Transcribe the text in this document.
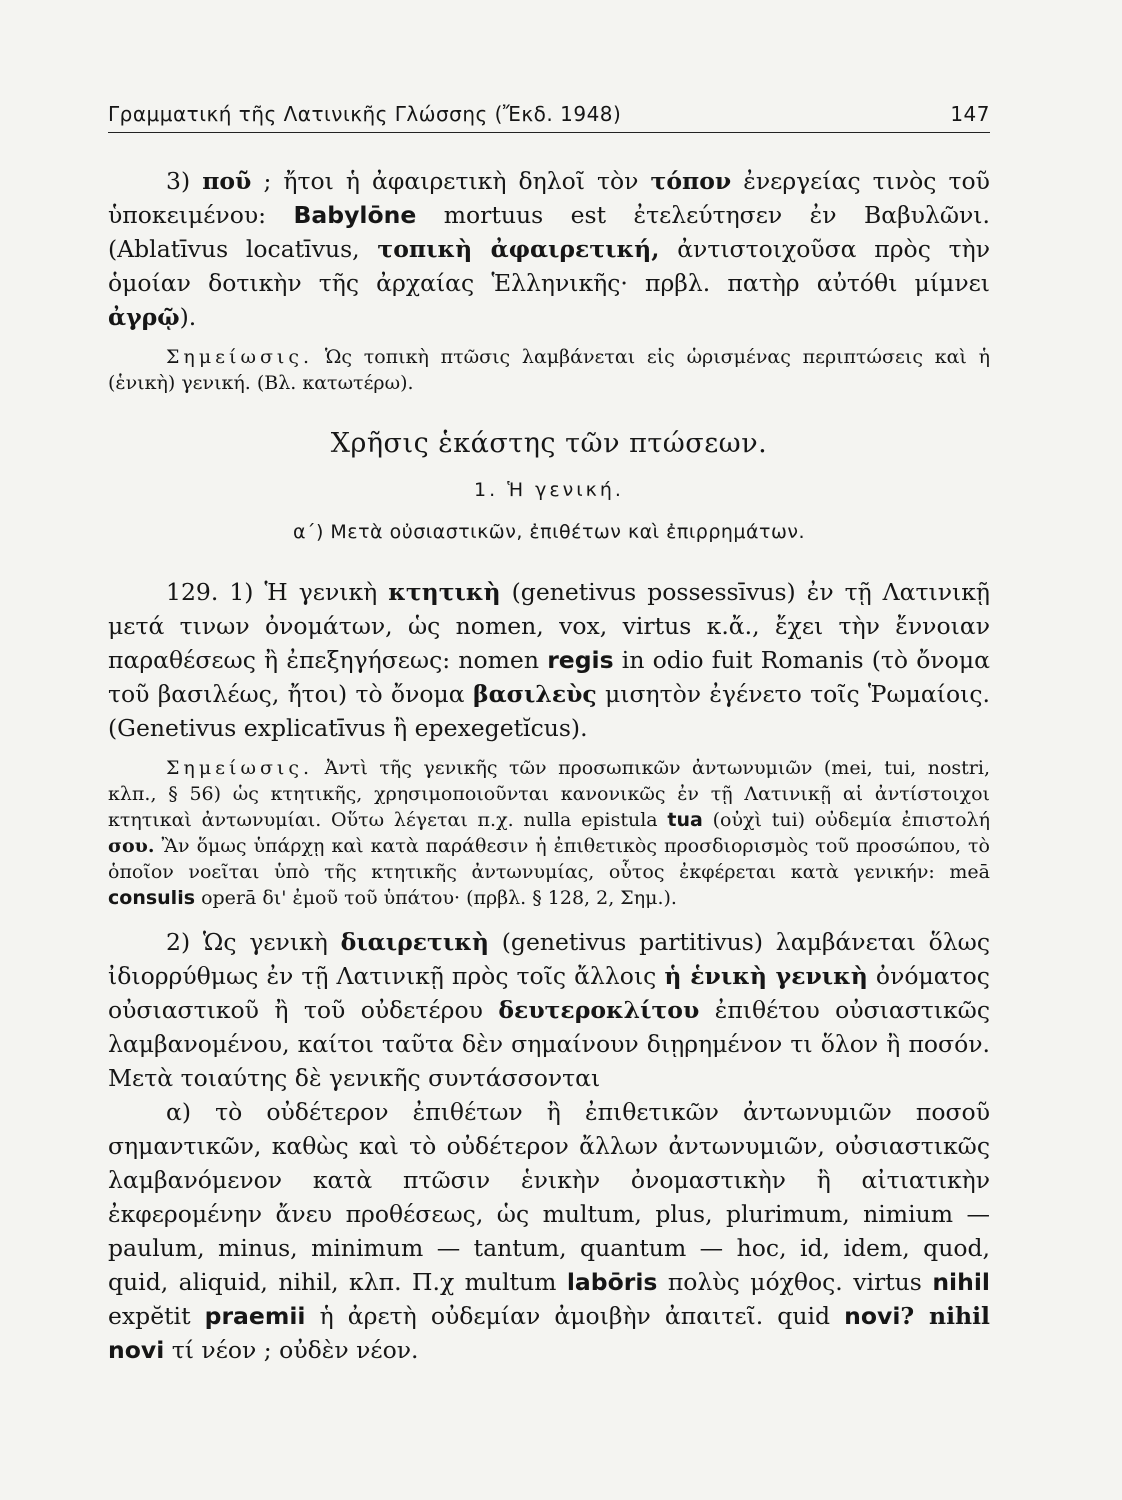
Γραμματική τῆς Λατινικῆς Γλώσσης (Ἔκδ. 1948)	147

3) ποῦ ; ἤτοι ἡ ἀφαιρετικὴ δηλοῖ τὸν τόπον ἐνεργείας τινὸς τοῦ ὑποκειμένου: Babylōne mortuus est ἐτελεύτησεν ἐν Βαβυλῶνι. (Ablatīvus locatīvus, τοπικὴ ἀφαιρετική, ἀντιστοιχοῦσα πρὸς τὴν ὁμοίαν δοτικὴν τῆς ἀρχαίας Ἑλληνικῆς· πρβλ. πατὴρ αὐτόθι μίμνει ἀγρῷ).

Σημείωσις. Ὡς τοπικὴ πτῶσις λαμβάνεται εἰς ὡρισμένας περιπτώσεις καὶ ἡ (ἑνικὴ) γενική. (Βλ. κατωτέρω).

Χρῆσις ἑκάστης τῶν πτώσεων.
1. Ἡ γενική.
α΄) Μετὰ οὐσιαστικῶν, ἐπιθέτων καὶ ἐπιρρημάτων.

129. 1) Ἡ γενικὴ κτητικὴ (genetivus possessīvus) ἐν τῇ Λατινικῇ μετά τινων ὀνομάτων, ὡς nomen, vox, virtus κ.ἄ., ἔχει τὴν ἔννοιαν παραθέσεως ἢ ἐπεξηγήσεως: nomen regis in odio fuit Romanis (τὸ ὄνομα τοῦ βασιλέως, ἤτοι) τὸ ὄνομα βασιλεὺς μισητὸν ἐγένετο τοῖς Ῥωμαίοις. (Genetivus explicatīvus ἢ epexegetĭcus).

Σημείωσις. Ἀντὶ τῆς γενικῆς τῶν προσωπικῶν ἀντωνυμιῶν (mei, tui, nostri, κλπ., § 56) ὡς κτητικῆς, χρησιμοποιοῦνται κανονικῶς ἐν τῇ Λατινικῇ αἱ ἀντίστοιχοι κτητικαὶ ἀντωνυμίαι. Οὕτω λέγεται π.χ. nulla epistula tua (οὐχὶ tui) οὐδεμία ἐπιστολή σου. Ἂν ὅμως ὑπάρχῃ καὶ κατὰ παράθεσιν ἡ ἐπιθετικὸς προσδιορισμὸς τοῦ προσώπου, τὸ ὁποῖον νοεῖται ὑπὸ τῆς κτητικῆς ἀντωνυμίας, οὗτος ἐκφέρεται κατὰ γενικήν: meā consulis operā δι' ἐμοῦ τοῦ ὑπάτου· (πρβλ. § 128, 2, Σημ.).

2) Ὡς γενικὴ διαιρετικὴ (genetivus partitivus) λαμβάνεται ὅλως ἰδιορρύθμως ἐν τῇ Λατινικῇ πρὸς τοῖς ἄλλοις ἡ ἑνικὴ γενικὴ ὀνόματος οὐσιαστικοῦ ἢ τοῦ οὐδετέρου δευτεροκλίτου ἐπιθέτου οὐσιαστικῶς λαμβανομένου, καίτοι ταῦτα δὲν σημαίνουν διῃρημένον τι ὅλον ἢ ποσόν. Μετὰ τοιαύτης δὲ γενικῆς συντάσσονται

α) τὸ οὐδέτερον ἐπιθέτων ἢ ἐπιθετικῶν ἀντωνυμιῶν ποσοῦ σημαντικῶν, καθὼς καὶ τὸ οὐδέτερον ἄλλων ἀντωνυμιῶν, οὐσιαστικῶς λαμβανόμενον κατὰ πτῶσιν ἑνικὴν ὀνομαστικὴν ἢ αἰτιατικὴν ἐκφερομένην ἄνευ προθέσεως, ὡς multum, plus, plurimum, nimium — paulum, minus, minimum — tantum, quantum — hoc, id, idem, quod, quid, aliquid, nihil, κλπ. Π.χ multum labōris πολὺς μόχθος. virtus nihil expĕtit praemii ἡ ἀρετὴ οὐδεμίαν ἀμοιβὴν ἀπαιτεῖ. quid novi? nihil novi τί νέον ; οὐδὲν νέον.
